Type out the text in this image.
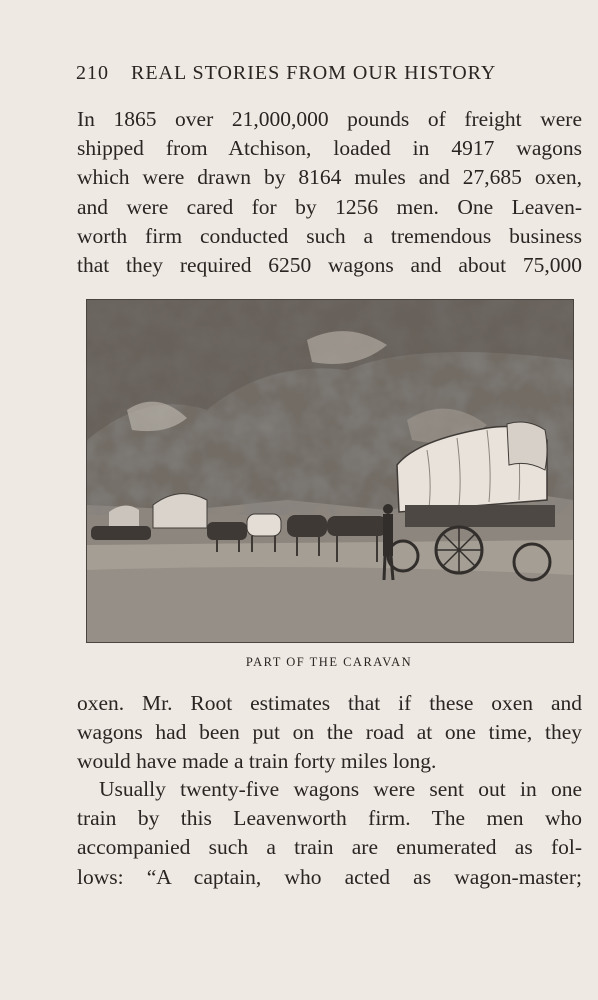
210 REAL STORIES FROM OUR HISTORY
In 1865 over 21,000,000 pounds of freight were
shipped from Atchison, loaded in 4917 wagons
which were drawn by 8164 mules and 27,685 oxen,
and were cared for by 1256 men. One Leaven-
worth firm conducted such a tremendous business
that they required 6250 wagons and about 75,000
PART OF THE CARAVAN
oxen. Mr. Root estimates that if these oxen and
wagons had been put on the road at one time, they
would have made a train forty miles long.
Usually twenty-five wagons were sent out in one
train by this Leavenworth firm. The men who
accompanied such a train are enumerated as fol-
lows: “A captain, who acted as wagon-master;
